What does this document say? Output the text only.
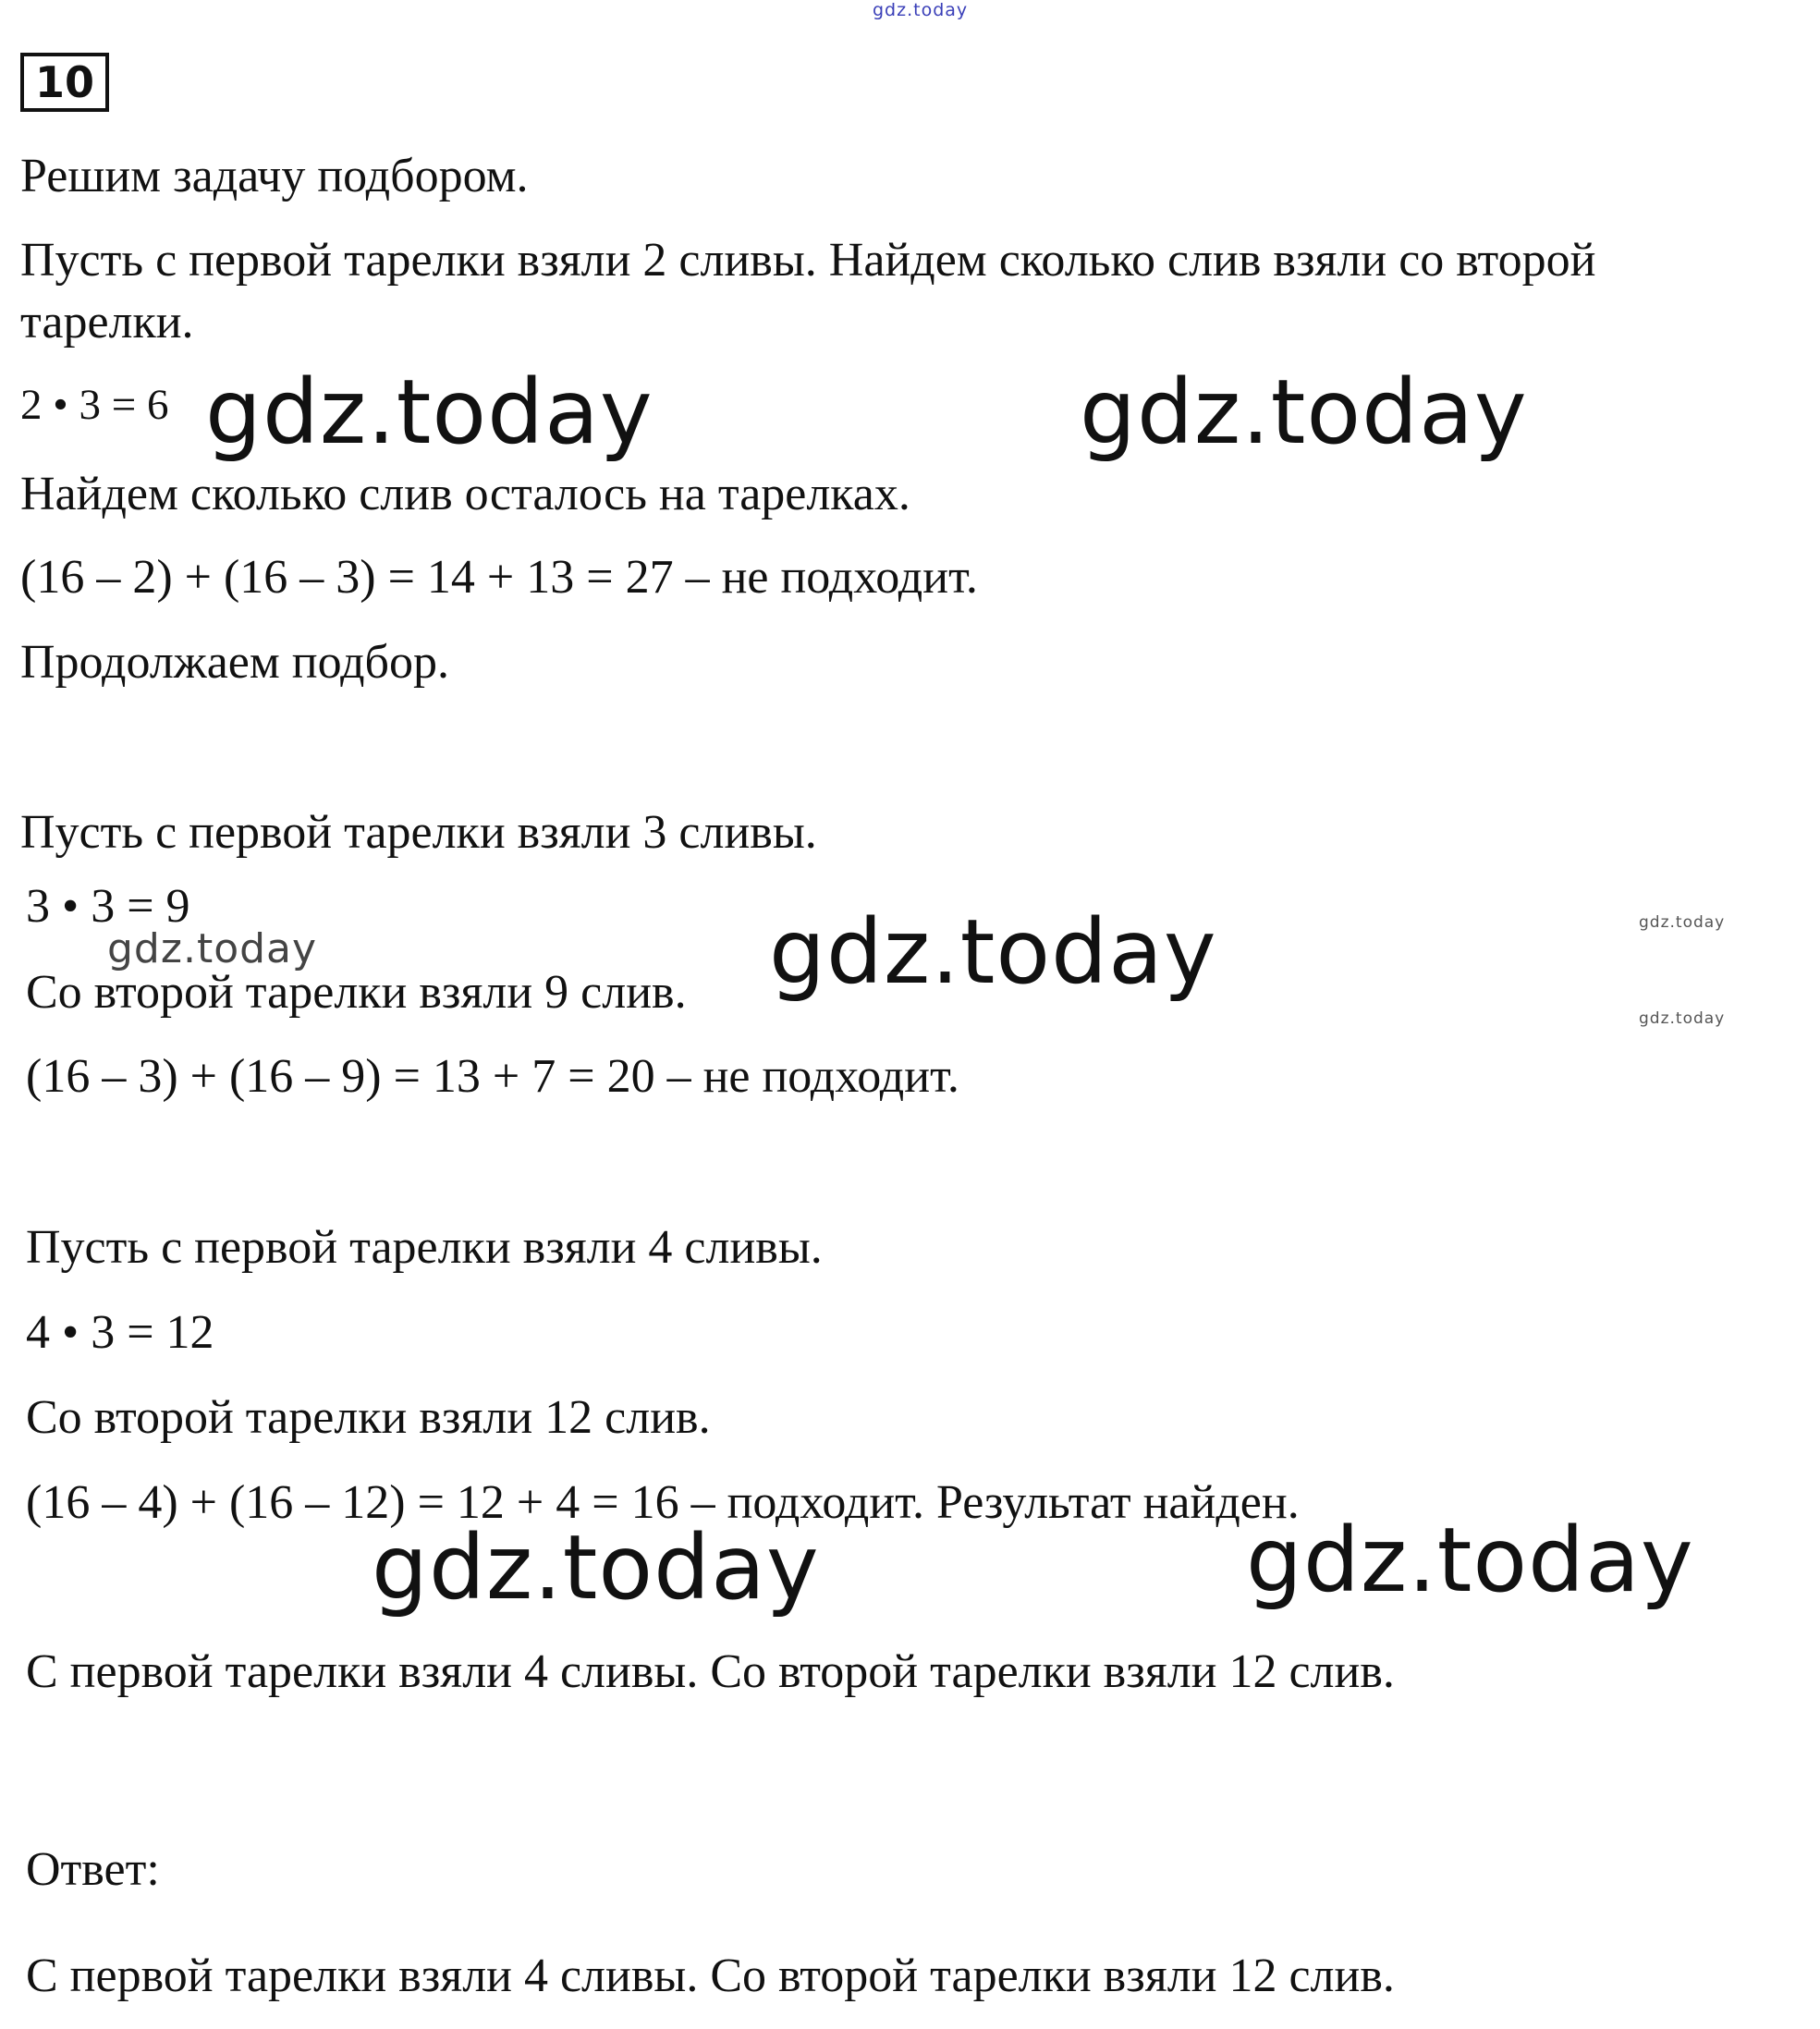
gdz.today
10
Решим задачу подбором.
Пусть с первой тарелки взяли 2 сливы. Найдем сколько слив взяли со второй
тарелки.
2 • 3 = 6
Найдем сколько слив осталось на тарелках.
(16 – 2) + (16 – 3) = 14 + 13 = 27 – не подходит.
Продолжаем подбор.
Пусть с первой тарелки взяли 3 сливы.
3 • 3 = 9
Со второй тарелки взяли 9 слив.
(16 – 3) + (16 – 9) = 13 + 7 = 20 – не подходит.
Пусть с первой тарелки взяли 4 сливы.
4 • 3 = 12
Со второй тарелки взяли 12 слив.
(16 – 4) + (16 – 12) = 12 + 4 = 16 – подходит. Результат найден.
С первой тарелки взяли 4 сливы. Со второй тарелки взяли 12 слив.
Ответ:
С первой тарелки взяли 4 сливы. Со второй тарелки взяли 12 слив.
gdz.today	gdz.today
gdz.today	gdz.today	gdz.today
gdz.today
gdz.today	gdz.today
